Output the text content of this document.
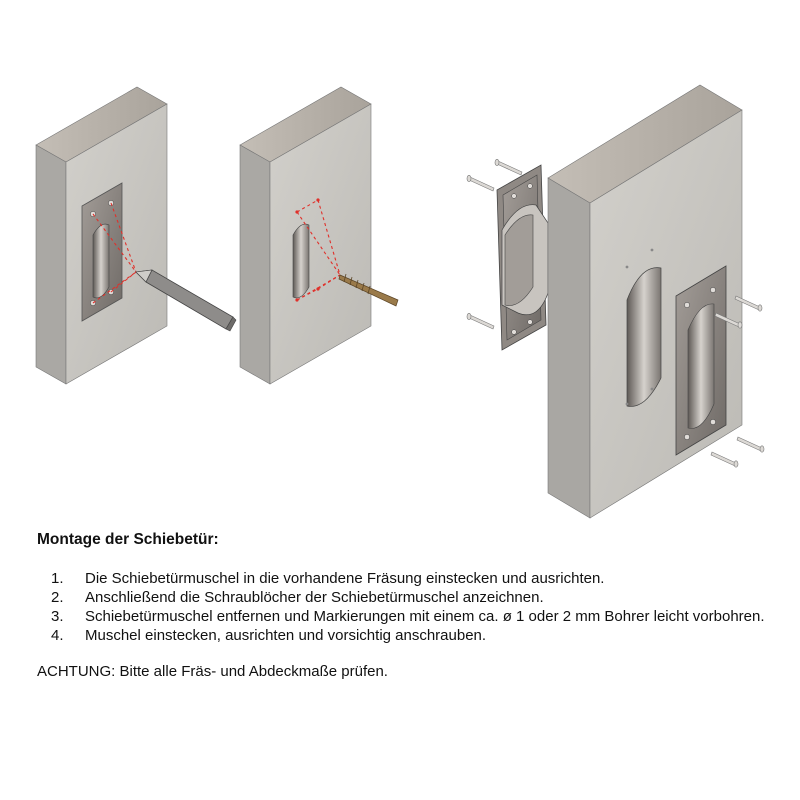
Montage der Schiebetür:
1. Die Schiebetürmuschel in die vorhandene Fräsung einstecken und ausrichten.
2. Anschließend die Schraublöcher der Schiebetürmuschel anzeichnen.
3. Schiebetürmuschel entfernen und Markierungen mit einem ca. ø 1 oder 2 mm Bohrer leicht vorbohren.
4. Muschel einstecken, ausrichten und vorsichtig anschrauben.
ACHTUNG: Bitte alle Fräs- und Abdeckmaße prüfen.
